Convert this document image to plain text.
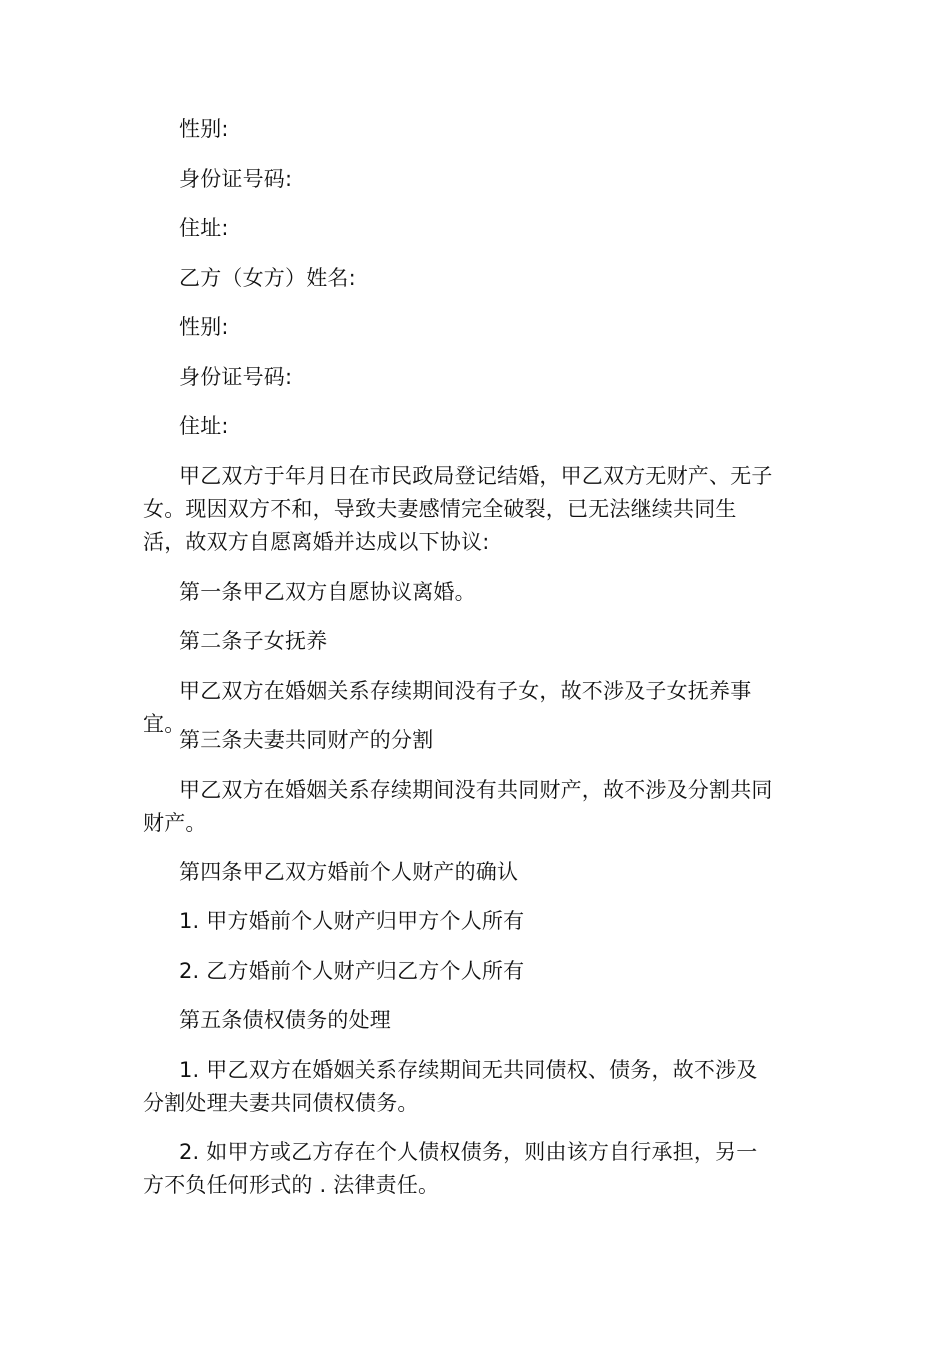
性别:

身份证号码:

住址:

乙方（女方）姓名:

性别:

身份证号码:

住址:

甲乙双方于年月日在市民政局登记结婚，甲乙双方无财产、无子女。现因双方不和，导致夫妻感情完全破裂，已无法继续共同生活，故双方自愿离婚并达成以下协议:

第一条甲乙双方自愿协议离婚。

第二条子女抚养

甲乙双方在婚姻关系存续期间没有子女，故不涉及子女抚养事宜。

第三条夫妻共同财产的分割

甲乙双方在婚姻关系存续期间没有共同财产，故不涉及分割共同财产。

第四条甲乙双方婚前个人财产的确认

1. 甲方婚前个人财产归甲方个人所有

2. 乙方婚前个人财产归乙方个人所有

第五条债权债务的处理

1. 甲乙双方在婚姻关系存续期间无共同债权、债务，故不涉及分割处理夫妻共同债权债务。

2. 如甲方或乙方存在个人债权债务，则由该方自行承担，另一方不负任何形式的 . 法律责任。
